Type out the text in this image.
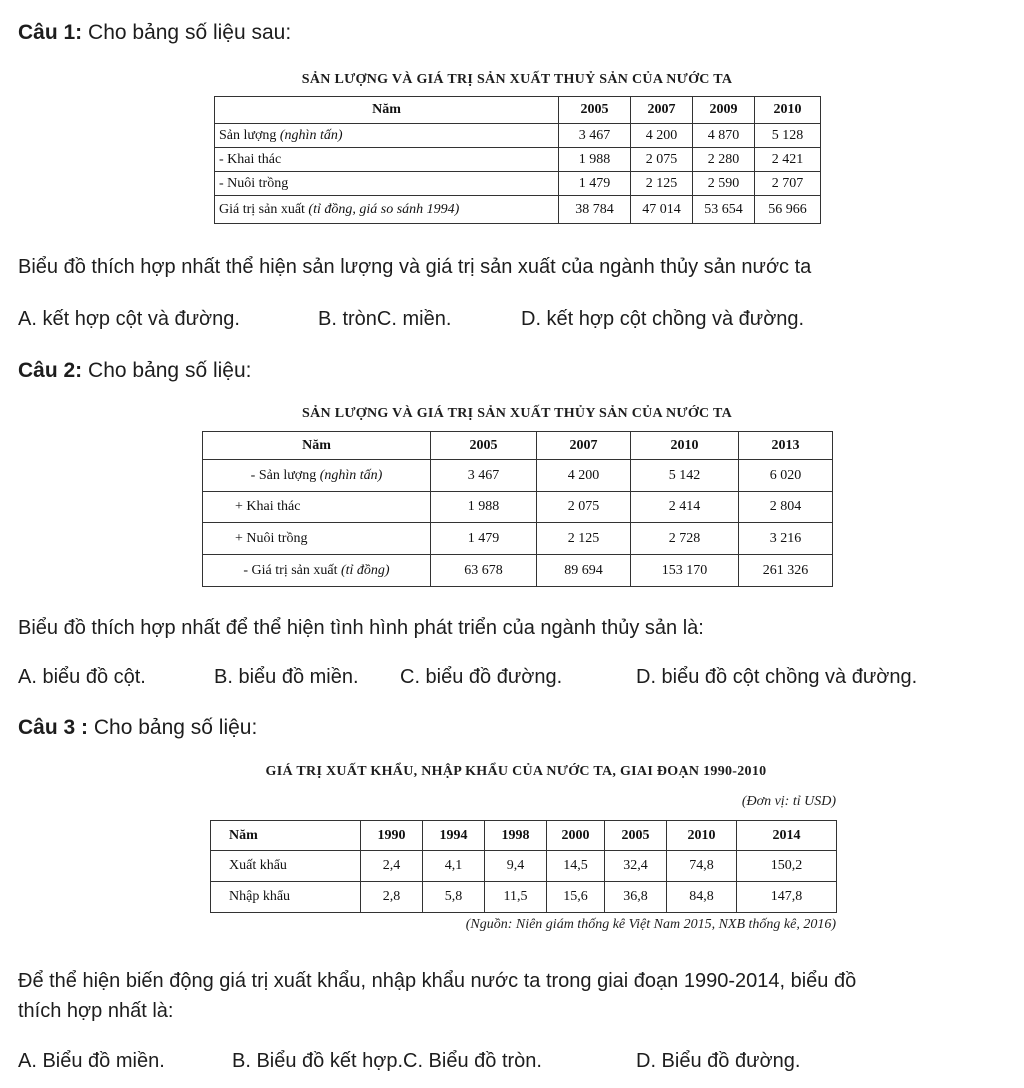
Câu 1: Cho bảng số liệu sau:
SẢN LƯỢNG VÀ GIÁ TRỊ SẢN XUẤT THUỶ SẢN CỦA NƯỚC TA
Năm	2005	2007	2009	2010
Sản lượng (nghìn tấn)	3 467	4 200	4 870	5 128
- Khai thác	1 988	2 075	2 280	2 421
- Nuôi trồng	1 479	2 125	2 590	2 707
Giá trị sản xuất (tỉ đồng, giá so sánh 1994)	38 784	47 014	53 654	56 966
Biểu đồ thích hợp nhất thể hiện sản lượng và giá trị sản xuất của ngành thủy sản nước ta
A. kết hợp cột và đường.	B. trònC. miền.	D. kết hợp cột chồng và đường.
Câu 2: Cho bảng số liệu:
SẢN LƯỢNG VÀ GIÁ TRỊ SẢN XUẤT THỦY SẢN CỦA NƯỚC TA
Năm	2005	2007	2010	2013
- Sản lượng (nghìn tấn)	3 467	4 200	5 142	6 020
+ Khai thác	1 988	2 075	2 414	2 804
+ Nuôi trồng	1 479	2 125	2 728	3 216
- Giá trị sản xuất (tỉ đồng)	63 678	89 694	153 170	261 326
Biểu đồ thích hợp nhất để thể hiện tình hình phát triển của ngành thủy sản là:
A. biểu đồ cột.	B. biểu đồ miền. C. biểu đồ đường.	D. biểu đồ cột chồng và đường.
Câu 3 : Cho bảng số liệu:
GIÁ TRỊ XUẤT KHẨU, NHẬP KHẨU CỦA NƯỚC TA, GIAI ĐOẠN 1990-2010
(Đơn vị: tỉ USD)
Năm	1990	1994	1998	2000	2005	2010	2014
Xuất khẩu	2,4	4,1	9,4	14,5	32,4	74,8	150,2
Nhập khẩu	2,8	5,8	11,5	15,6	36,8	84,8	147,8
(Nguồn: Niên giám thống kê Việt Nam 2015, NXB thống kê, 2016)
Để thể hiện biến động giá trị xuất khẩu, nhập khẩu nước ta trong giai đoạn 1990-2014, biểu đồ
thích hợp nhất là:
A. Biểu đồ miền.	B. Biểu đồ kết hợp.C. Biểu đồ tròn.	D. Biểu đồ đường.
